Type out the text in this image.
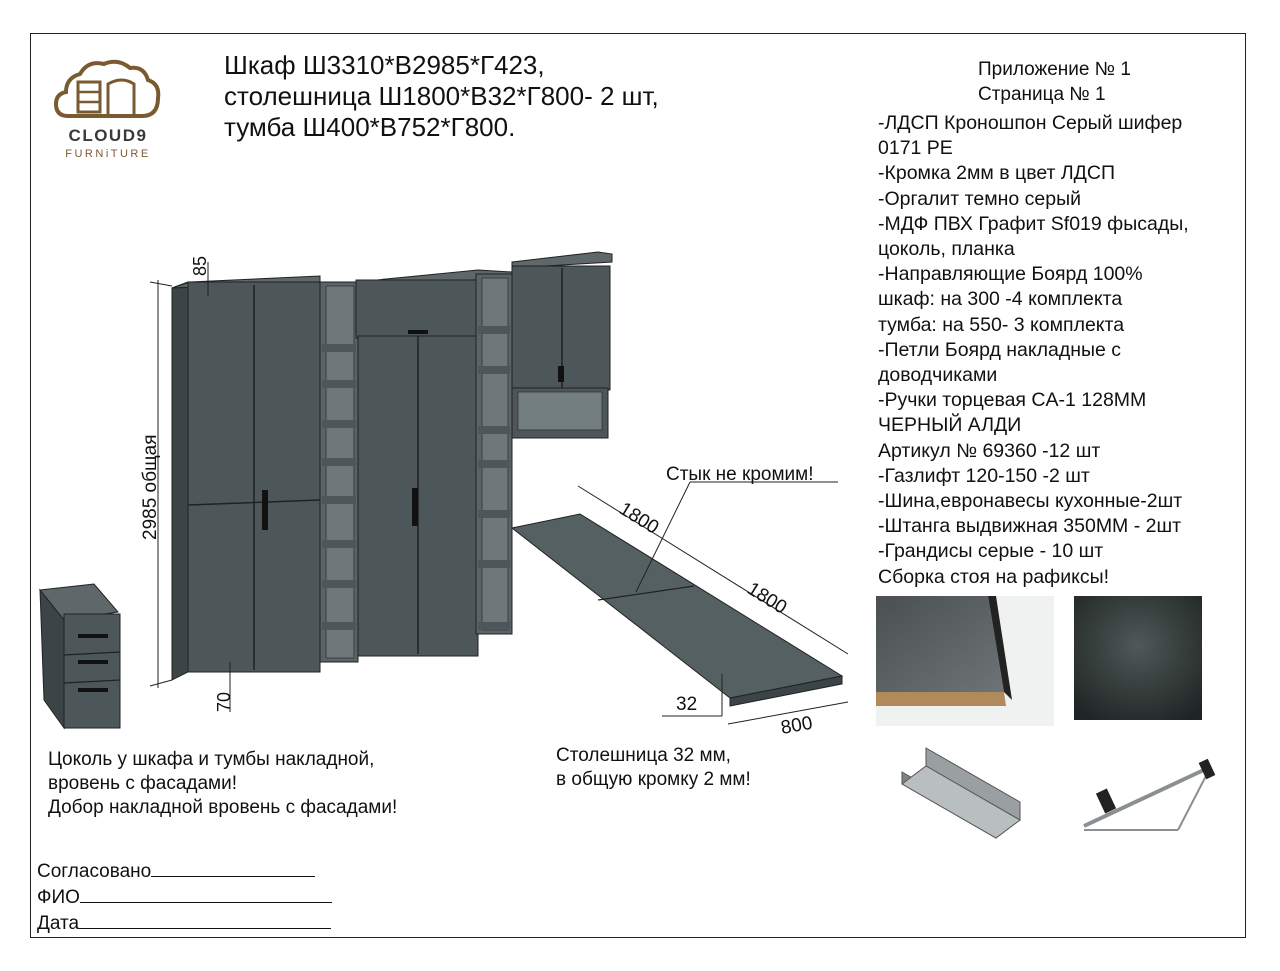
CLOUD9
FURNiTURE
Шкаф Ш3310*В2985*Г423,
столешница Ш1800*В32*Г800- 2 шт,
тумба Ш400*В752*Г800.
Приложение № 1
Страница № 1
-ЛДСП Кроношпон Серый шифер
0171 PE
-Кромка 2мм в цвет ЛДСП
-Оргалит темно серый
-МДФ ПВХ Графит Sf019 фысады,
цоколь, планка
-Направляющие Боярд 100%
шкаф: на 300 -4 комплекта
тумба: на 550- 3 комплекта
-Петли Боярд накладные с
доводчиками
-Ручки торцевая CA-1 128ММ
ЧЕРНЫЙ АЛДИ
Артикул № 69360 -12 шт
-Газлифт 120-150 -2 шт
-Шина,евронавесы кухонные-2шт
-Штанга выдвижная 350ММ - 2шт
-Грандисы серые - 10 шт
Сборка стоя на рафиксы!
85
2985 общая
70
Стык не кромим!
1800
1800
32
800
Цоколь у шкафа и тумбы накладной,
вровень с фасадами!
Добор накладной вровень с фасадами!
Столешница 32 мм,
в общую кромку 2 мм!
Согласовано
ФИО
Дата
